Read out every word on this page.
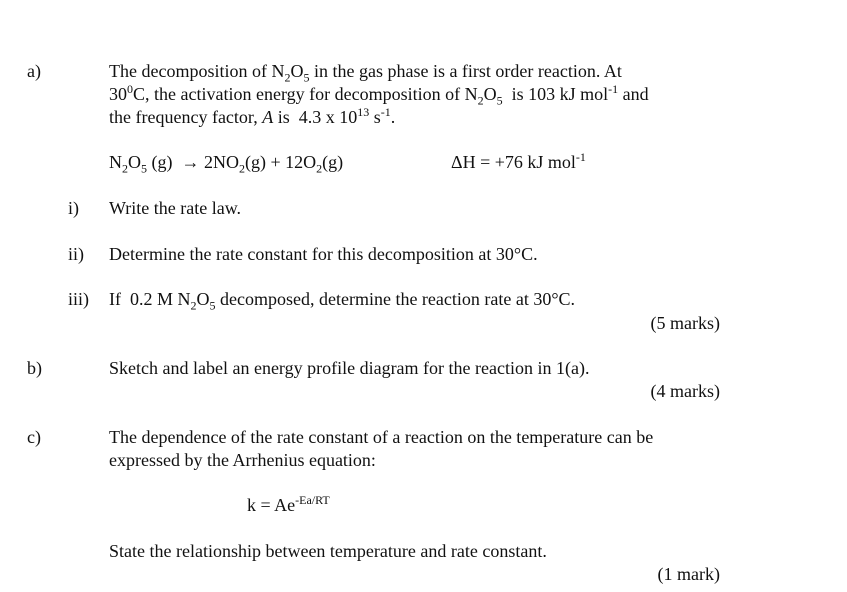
a)	The decomposition of $N_2O_5$ in the gas phase is a first order reaction. At
$30^0C$, the activation energy for decomposition of $N_2O_5$  is 103 kJ mol$^{-1}$ and
the frequency factor, A is  4.3 x $10^{13}$ $s^{-1}$.
$N_2O_5$ $(g) \to 2NO_2(g) + 12O_2(g)$	ΔH = +76 kJ mol$^{-1}$
i) Write the rate law.
ii) Determine the rate constant for this decomposition at 30°C.
iii) If  0.2 M $N_2O_5$ decomposed, determine the reaction rate at 30°C.
(5 marks)
b)	Sketch and label an energy profile diagram for the reaction in 1(a).
(4 marks)
c)	The dependence of the rate constant of a reaction on the temperature can be
expressed by the Arrhenius equation:
$k = Ae^{-Ea/RT}$
State the relationship between temperature and rate constant.
(1 mark)
